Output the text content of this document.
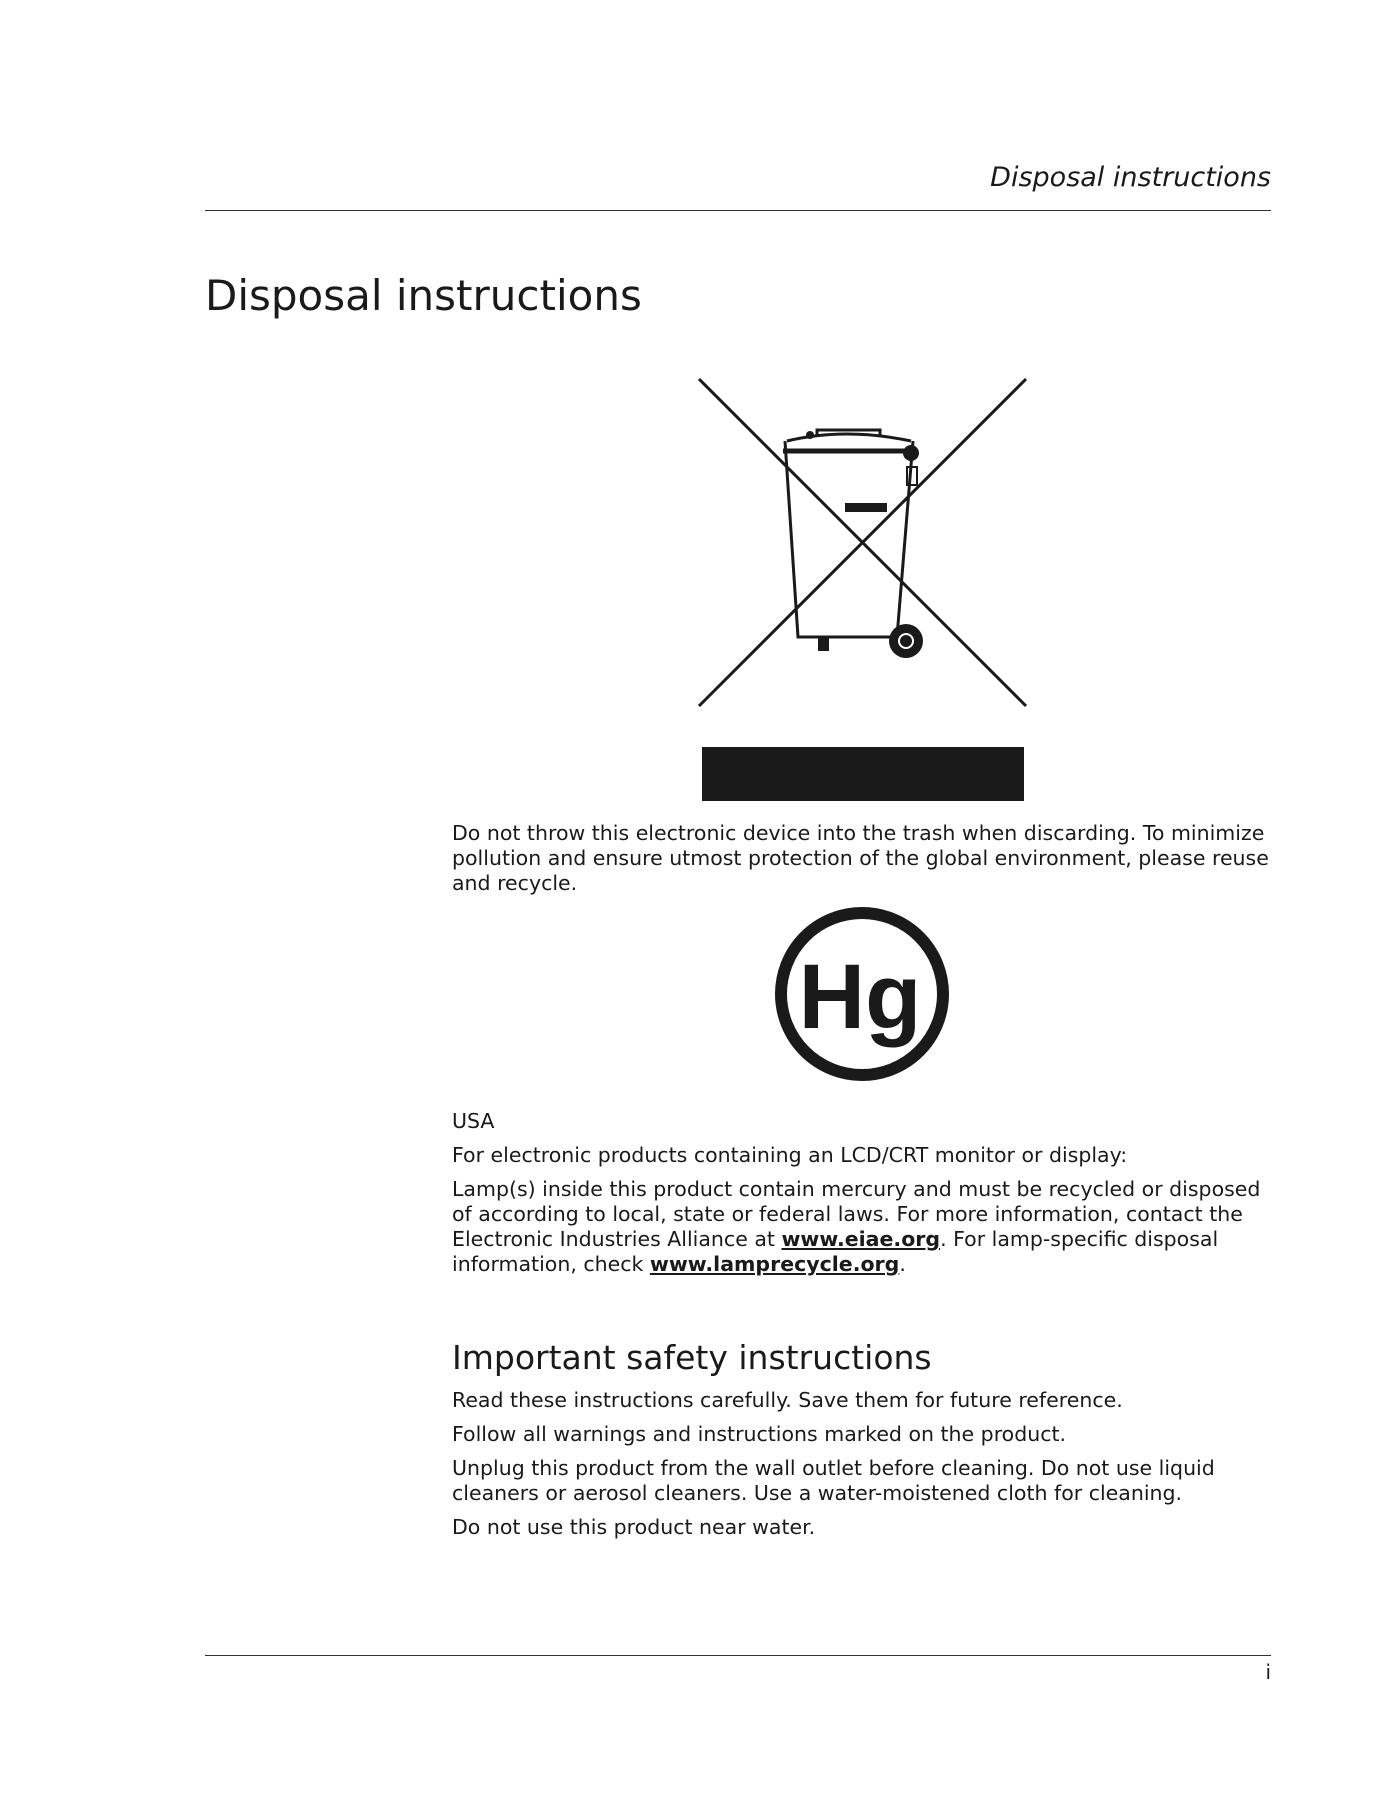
Disposal instructions
Disposal instructions

Do not throw this electronic device into the trash when discarding. To minimize pollution and ensure utmost protection of the global environment, please reuse and recycle.

Hg

USA

For electronic products containing an LCD/CRT monitor or display:

Lamp(s) inside this product contain mercury and must be recycled or disposed of according to local, state or federal laws. For more information, contact the Electronic Industries Alliance at www.eiae.org. For lamp-specific disposal information, check www.lamprecycle.org.

Important safety instructions

Read these instructions carefully. Save them for future reference.

Follow all warnings and instructions marked on the product.

Unplug this product from the wall outlet before cleaning. Do not use liquid cleaners or aerosol cleaners. Use a water-moistened cloth for cleaning.

Do not use this product near water.

i
